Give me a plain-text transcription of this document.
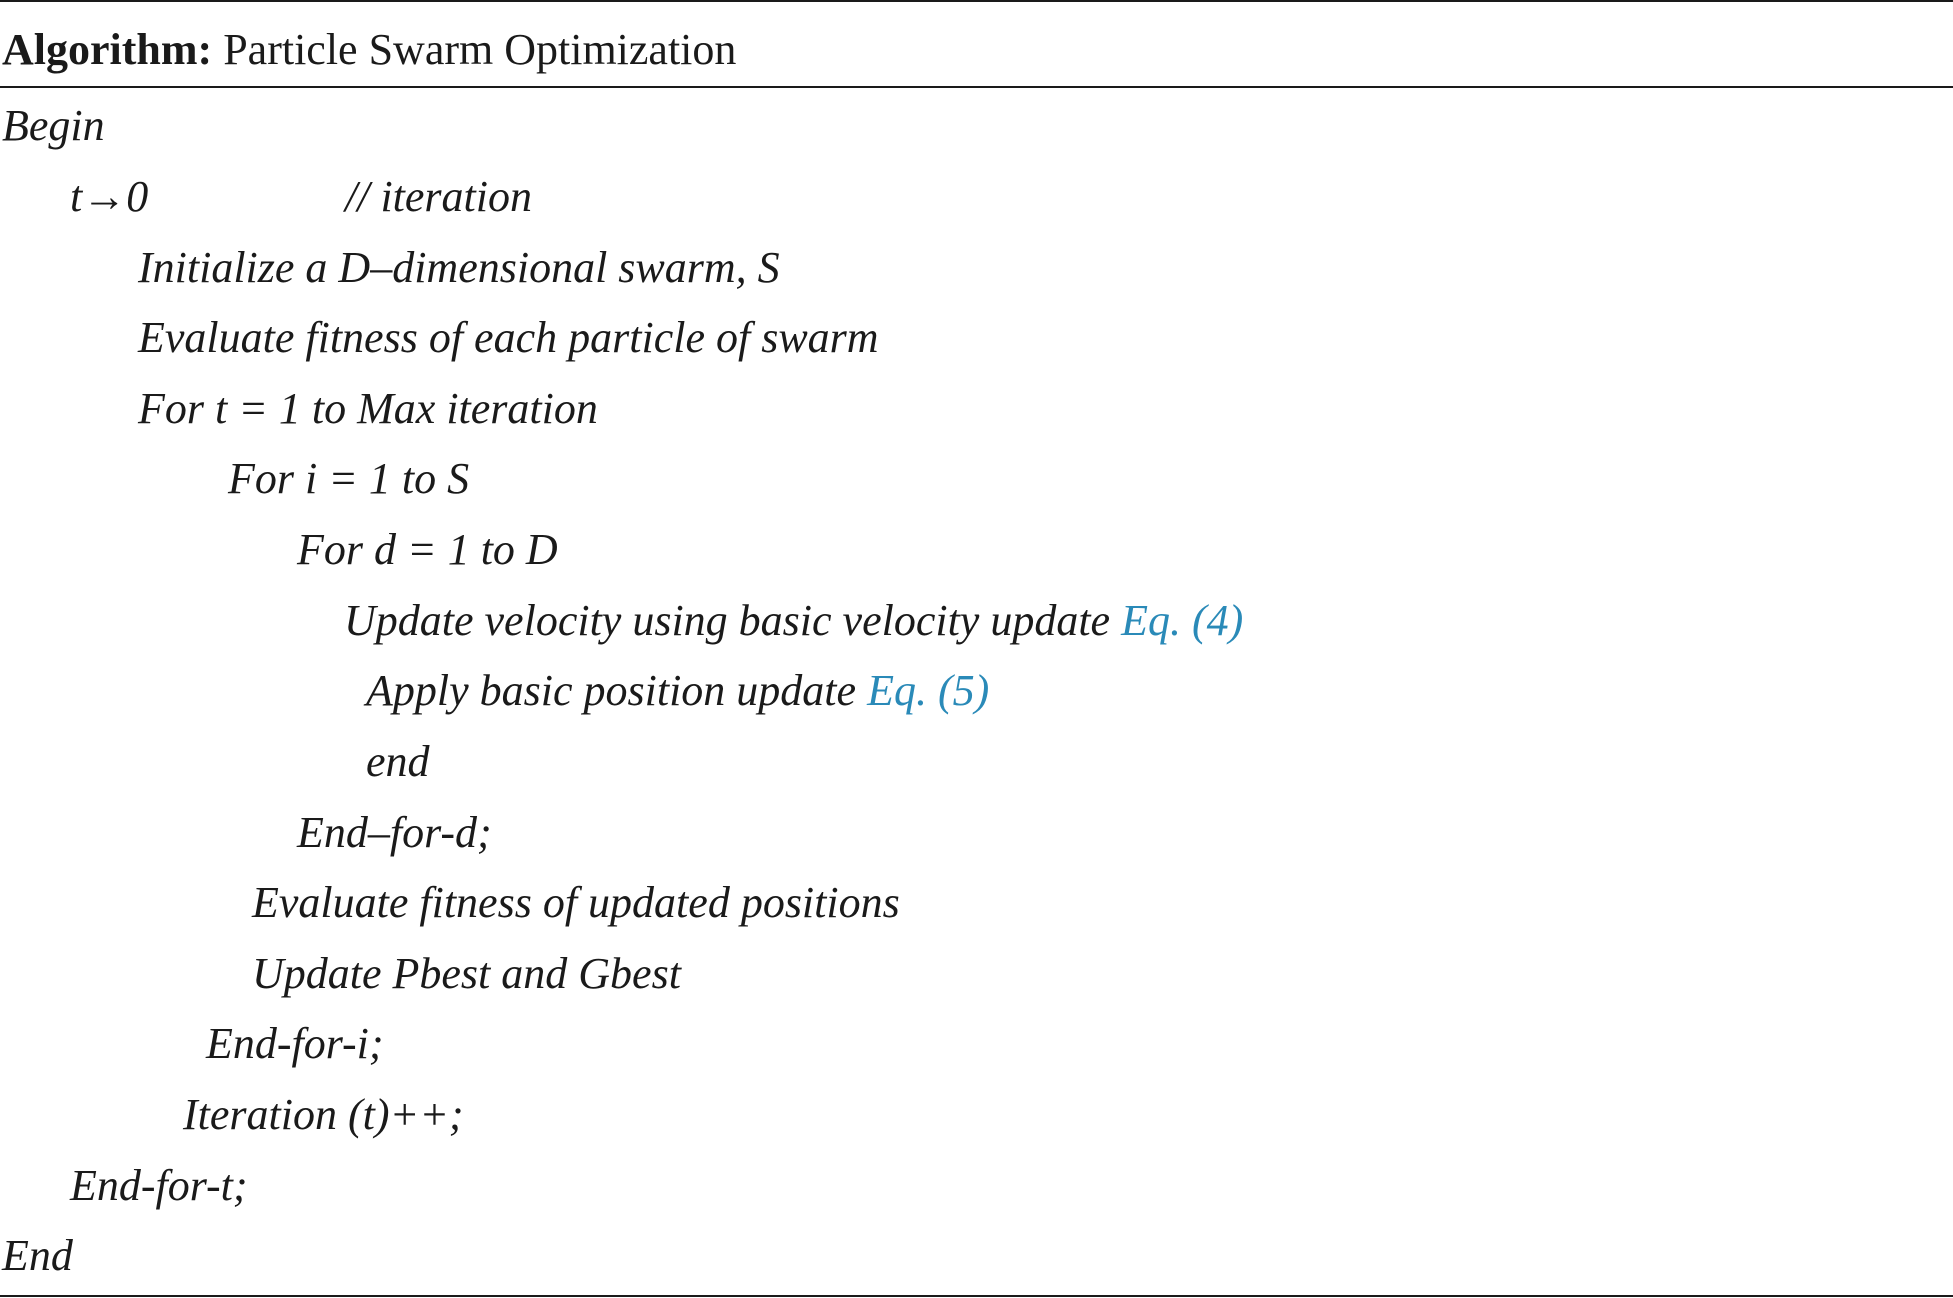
Algorithm: Particle Swarm Optimization
Begin
t→0	// iteration
Initialize a D–dimensional swarm, S
Evaluate fitness of each particle of swarm
For t = 1 to Max iteration
For i = 1 to S
For d = 1 to D
Update velocity using basic velocity update Eq. (4)
Apply basic position update Eq. (5)
end
End–for-d;
Evaluate fitness of updated positions
Update Pbest and Gbest
End-for-i;
Iteration (t)++;
End-for-t;
End
